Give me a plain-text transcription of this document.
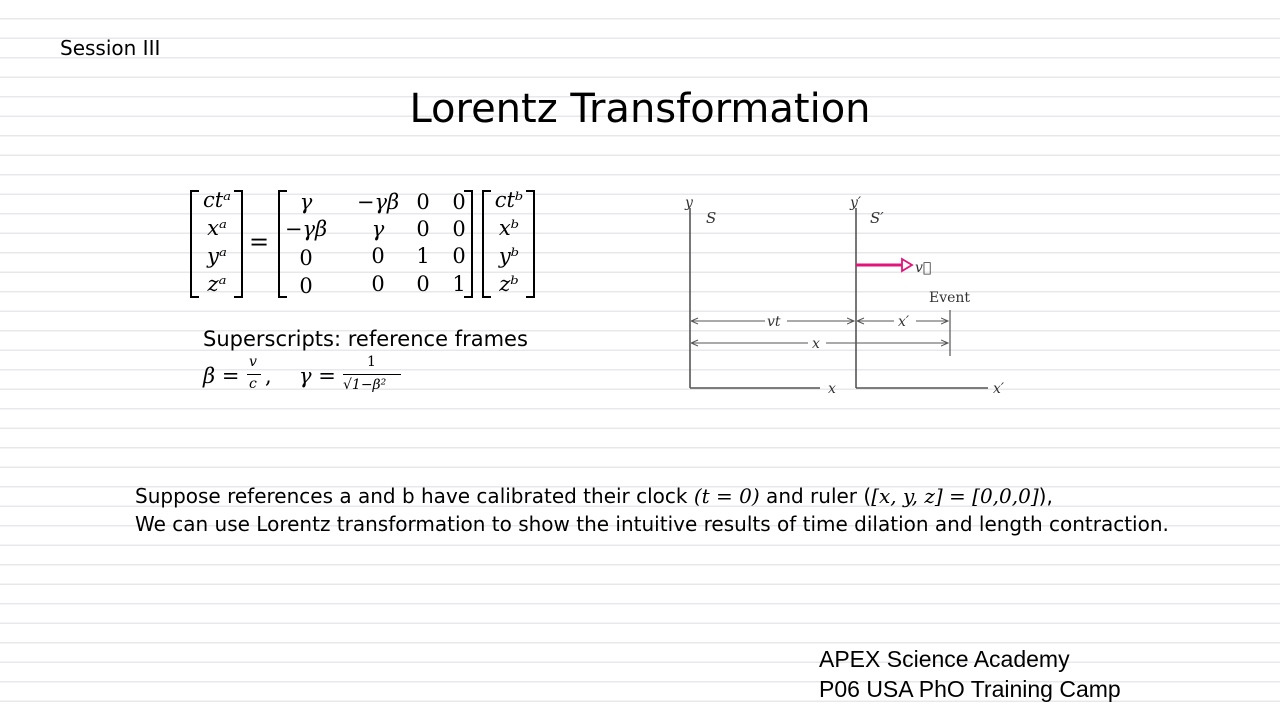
Session III
Lorentz Transformation
ctᵃ
xᵃ
yᵃ
zᵃ
=
γ	−γβ 0 0
−γβ	γ	0 0
0	0	1 0
0	0	0 1
ctᵇ
xᵇ
yᵇ
zᵇ
Superscripts: reference frames
β =
v
c , γ =
1
√1−β²
y
S
y′
S′
v⃗
Event
vt	x′
x
x	x′
Suppose references a and b have calibrated their clock (t = 0) and ruler ([x, y, z] = [0,0,0]),
We can use Lorentz transformation to show the intuitive results of time dilation and length contraction.
APEX Science Academy
P06 USA PhO Training Camp
